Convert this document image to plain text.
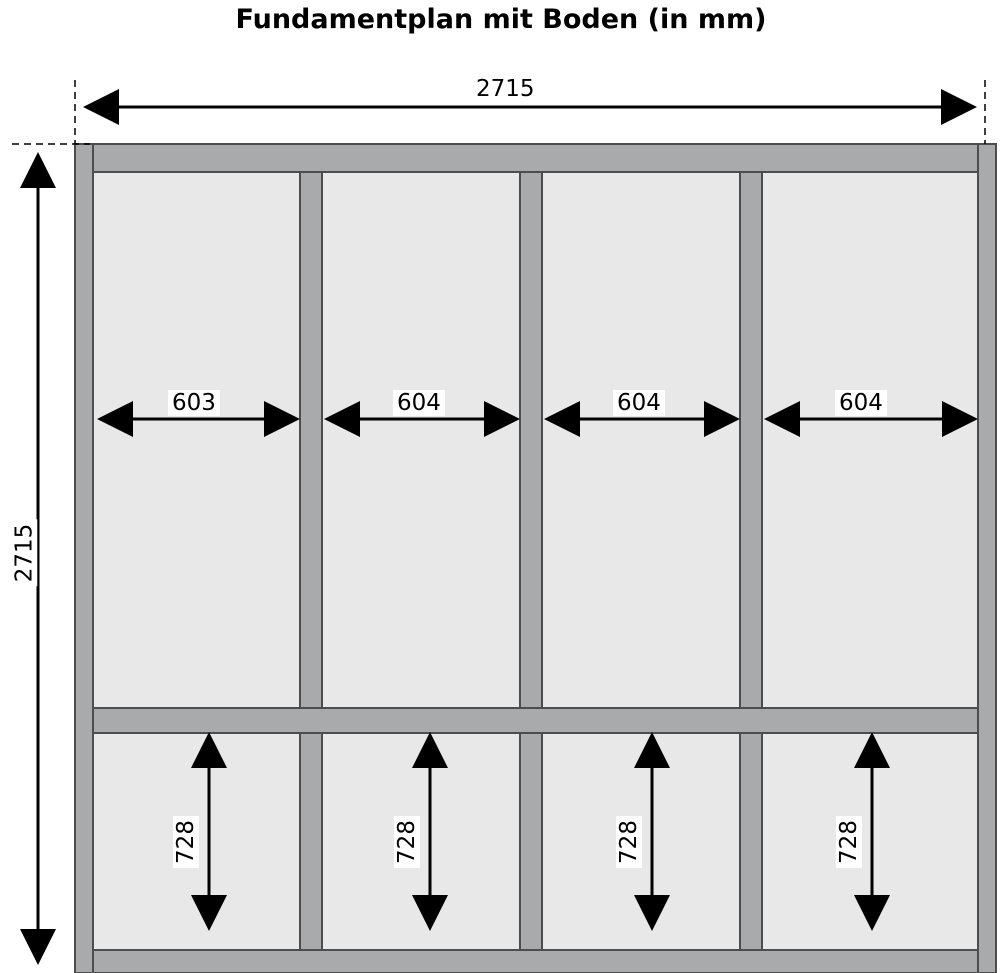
Fundamentplan mit Boden (in mm)
2715
2715
603	604	604	604
728	728	728	728
